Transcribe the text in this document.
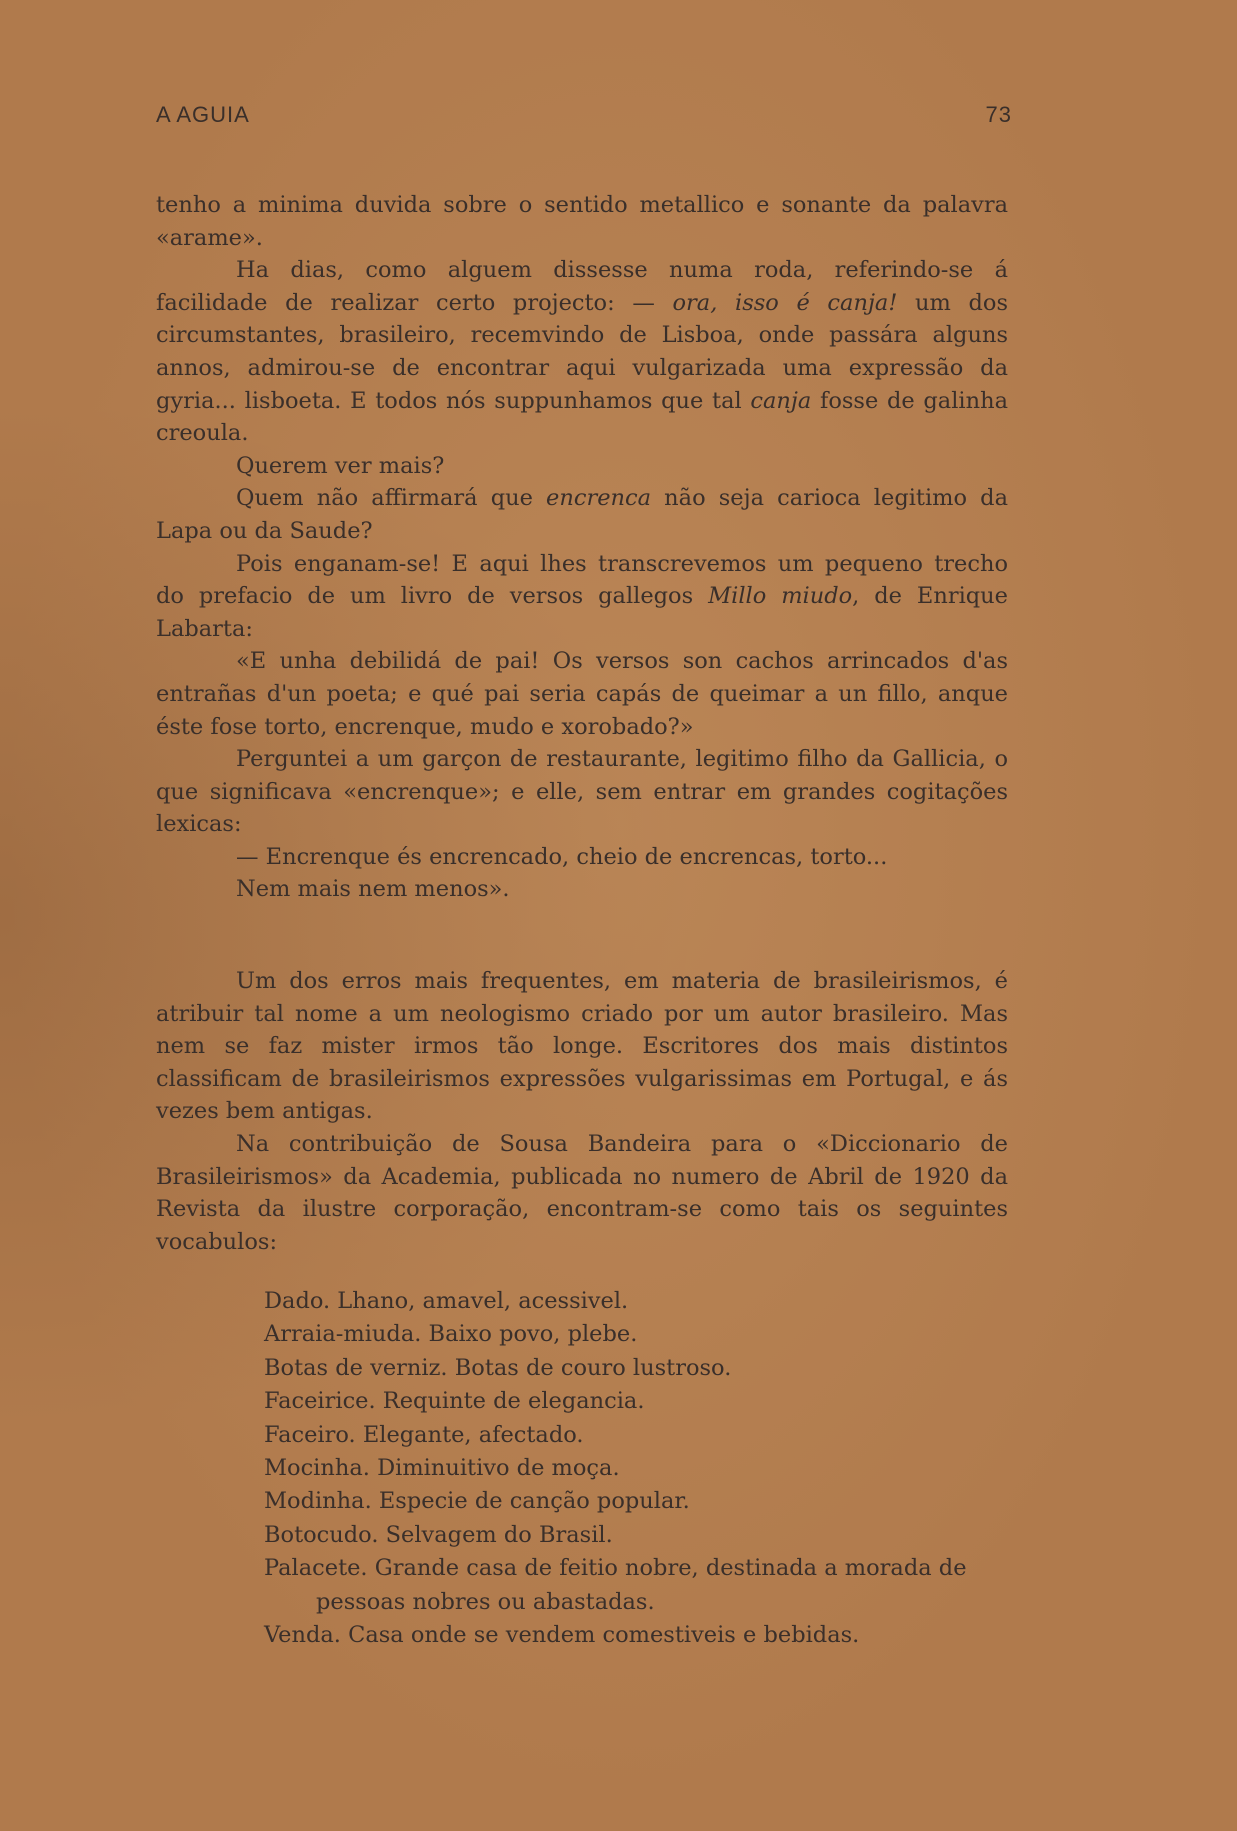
A AGUIA	73

tenho a minima duvida sobre o sentido metallico e sonante da palavra «arame».

Ha dias, como alguem dissesse numa roda, referindo-se á facilidade de realizar certo projecto: — ora, isso é canja! um dos circumstantes, brasileiro, recemvindo de Lisboa, onde passára alguns annos, admirou-se de encontrar aqui vulgarizada uma expressão da gyria... lisboeta. E todos nós suppunhamos que tal canja fosse de galinha creoula.

Querem ver mais?

Quem não affirmará que encrenca não seja carioca legitimo da Lapa ou da Saude?

Pois enganam-se! E aqui lhes transcrevemos um pequeno trecho do prefacio de um livro de versos gallegos Millo miudo, de Enrique Labarta:

«E unha debilidá de pai! Os versos son cachos arrincados d'as entrañas d'un poeta; e qué pai seria capás de queimar a un fillo, anque éste fose torto, encrenque, mudo e xorobado?»

Perguntei a um garçon de restaurante, legitimo filho da Gallicia, o que significava «encrenque»; e elle, sem entrar em grandes cogitações lexicas:

— Encrenque és encrencado, cheio de encrencas, torto...

Nem mais nem menos».

Um dos erros mais frequentes, em materia de brasileirismos, é atribuir tal nome a um neologismo criado por um autor brasileiro. Mas nem se faz mister irmos tão longe. Escritores dos mais distintos classificam de brasileirismos expressões vulgarissimas em Portugal, e ás vezes bem antigas.

Na contribuição de Sousa Bandeira para o «Diccionario de Brasileirismos» da Academia, publicada no numero de Abril de 1920 da Revista da ilustre corporação, encontram-se como tais os seguintes vocabulos:

Dado. Lhano, amavel, acessivel.
Arraia-miuda. Baixo povo, plebe.
Botas de verniz. Botas de couro lustroso.
Faceirice. Requinte de elegancia.
Faceiro. Elegante, afectado.
Mocinha. Diminuitivo de moça.
Modinha. Especie de canção popular.
Botocudo. Selvagem do Brasil.
Palacete. Grande casa de feitio nobre, destinada a morada de pessoas nobres ou abastadas.
Venda. Casa onde se vendem comestiveis e bebidas.
